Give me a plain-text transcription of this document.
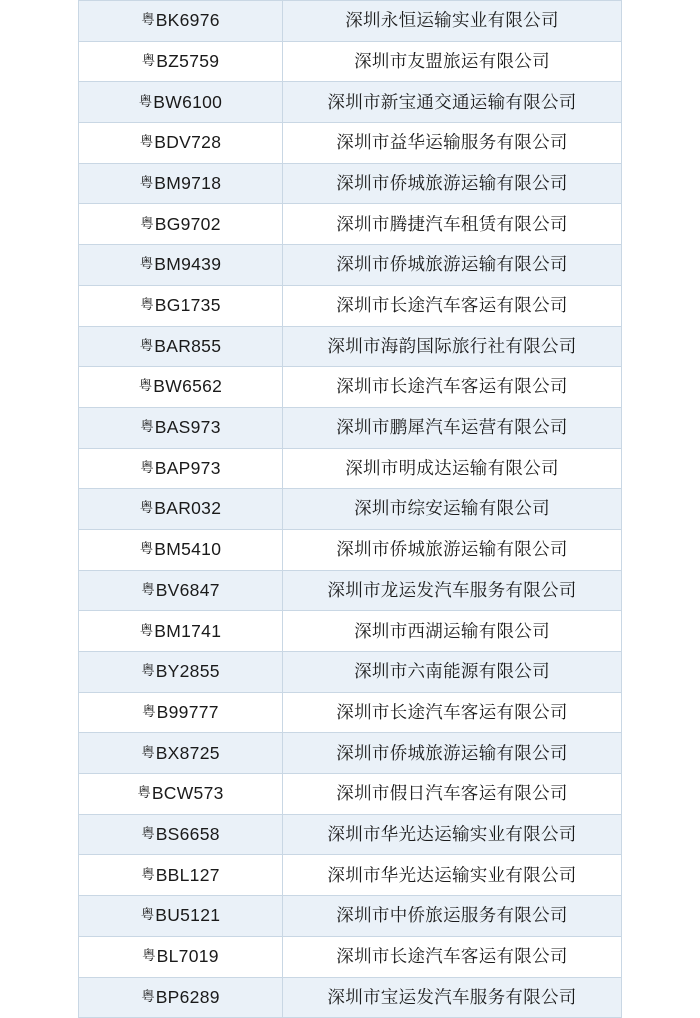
粤BK6976	深圳永恒运输实业有限公司
粤BZ5759	深圳市友盟旅运有限公司
粤BW6100	深圳市新宝通交通运输有限公司
粤BDV728	深圳市益华运输服务有限公司
粤BM9718	深圳市侨城旅游运输有限公司
粤BG9702	深圳市腾捷汽车租赁有限公司
粤BM9439	深圳市侨城旅游运输有限公司
粤BG1735	深圳市长途汽车客运有限公司
粤BAR855	深圳市海韵国际旅行社有限公司
粤BW6562	深圳市长途汽车客运有限公司
粤BAS973	深圳市鹏犀汽车运营有限公司
粤BAP973	深圳市明成达运输有限公司
粤BAR032	深圳市综安运输有限公司
粤BM5410	深圳市侨城旅游运输有限公司
粤BV6847	深圳市龙运发汽车服务有限公司
粤BM1741	深圳市西湖运输有限公司
粤BY2855	深圳市六南能源有限公司
粤B99777	深圳市长途汽车客运有限公司
粤BX8725	深圳市侨城旅游运输有限公司
粤BCW573	深圳市假日汽车客运有限公司
粤BS6658	深圳市华光达运输实业有限公司
粤BBL127	深圳市华光达运输实业有限公司
粤BU5121	深圳市中侨旅运服务有限公司
粤BL7019	深圳市长途汽车客运有限公司
粤BP6289	深圳市宝运发汽车服务有限公司
